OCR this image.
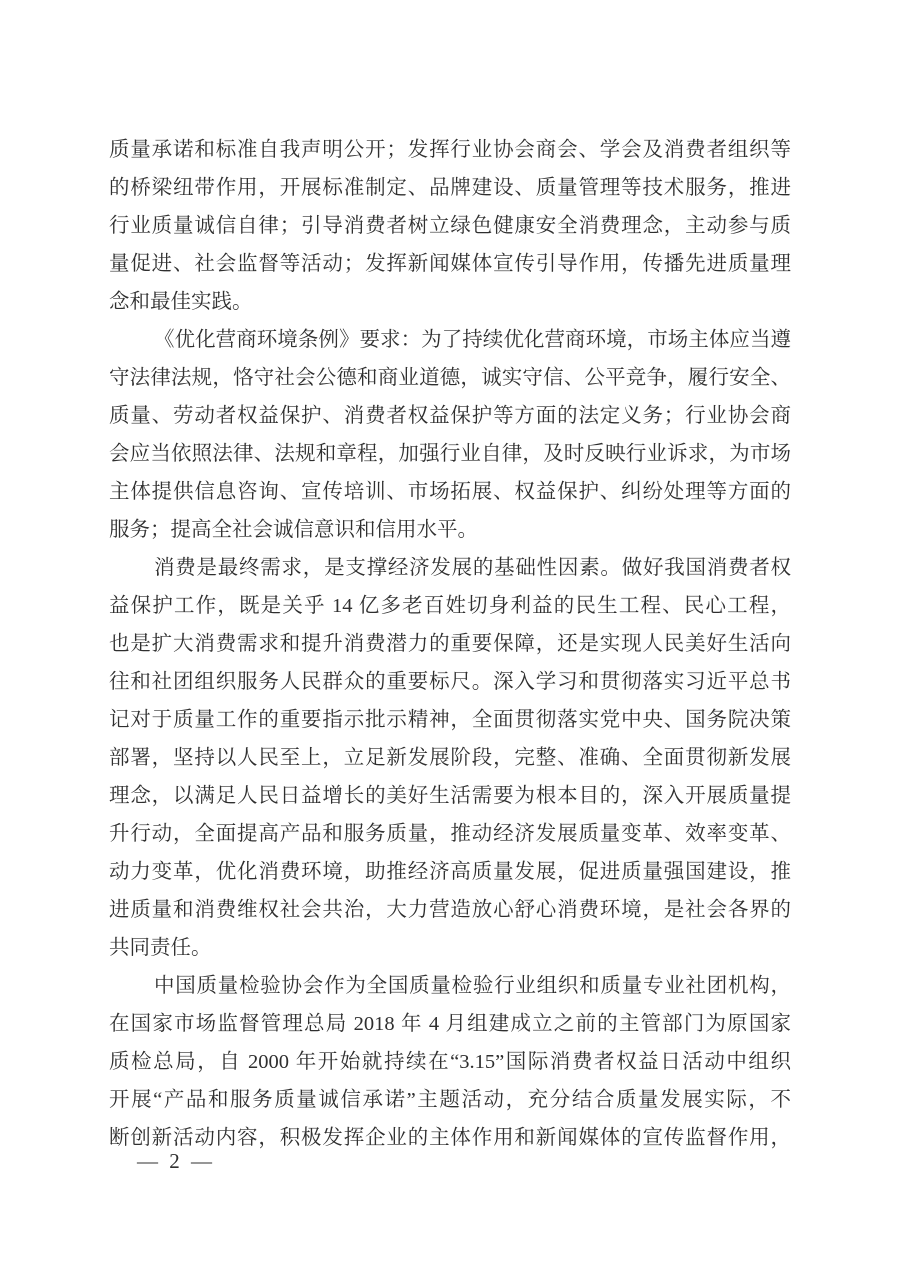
质量承诺和标准自我声明公开；发挥行业协会商会、学会及消费者组织等
的桥梁纽带作用，开展标准制定、品牌建设、质量管理等技术服务，推进
行业质量诚信自律；引导消费者树立绿色健康安全消费理念，主动参与质
量促进、社会监督等活动；发挥新闻媒体宣传引导作用，传播先进质量理
念和最佳实践。
《优化营商环境条例》要求：为了持续优化营商环境，市场主体应当遵
守法律法规，恪守社会公德和商业道德，诚实守信、公平竞争，履行安全、
质量、劳动者权益保护、消费者权益保护等方面的法定义务；行业协会商
会应当依照法律、法规和章程，加强行业自律，及时反映行业诉求，为市场
主体提供信息咨询、宣传培训、市场拓展、权益保护、纠纷处理等方面的
服务；提高全社会诚信意识和信用水平。
消费是最终需求，是支撑经济发展的基础性因素。做好我国消费者权
益保护工作，既是关乎 14 亿多老百姓切身利益的民生工程、民心工程，
也是扩大消费需求和提升消费潜力的重要保障，还是实现人民美好生活向
往和社团组织服务人民群众的重要标尺。深入学习和贯彻落实习近平总书
记对于质量工作的重要指示批示精神，全面贯彻落实党中央、国务院决策
部署，坚持以人民至上，立足新发展阶段，完整、准确、全面贯彻新发展
理念，以满足人民日益增长的美好生活需要为根本目的，深入开展质量提
升行动，全面提高产品和服务质量，推动经济发展质量变革、效率变革、
动力变革，优化消费环境，助推经济高质量发展，促进质量强国建设，推
进质量和消费维权社会共治，大力营造放心舒心消费环境，是社会各界的
共同责任。
中国质量检验协会作为全国质量检验行业组织和质量专业社团机构，
在国家市场监督管理总局 2018 年 4 月组建成立之前的主管部门为原国家
质检总局，自 2000 年开始就持续在“3.15”国际消费者权益日活动中组织
开展“产品和服务质量诚信承诺”主题活动，充分结合质量发展实际，不
断创新活动内容，积极发挥企业的主体作用和新闻媒体的宣传监督作用，
— 2 —
